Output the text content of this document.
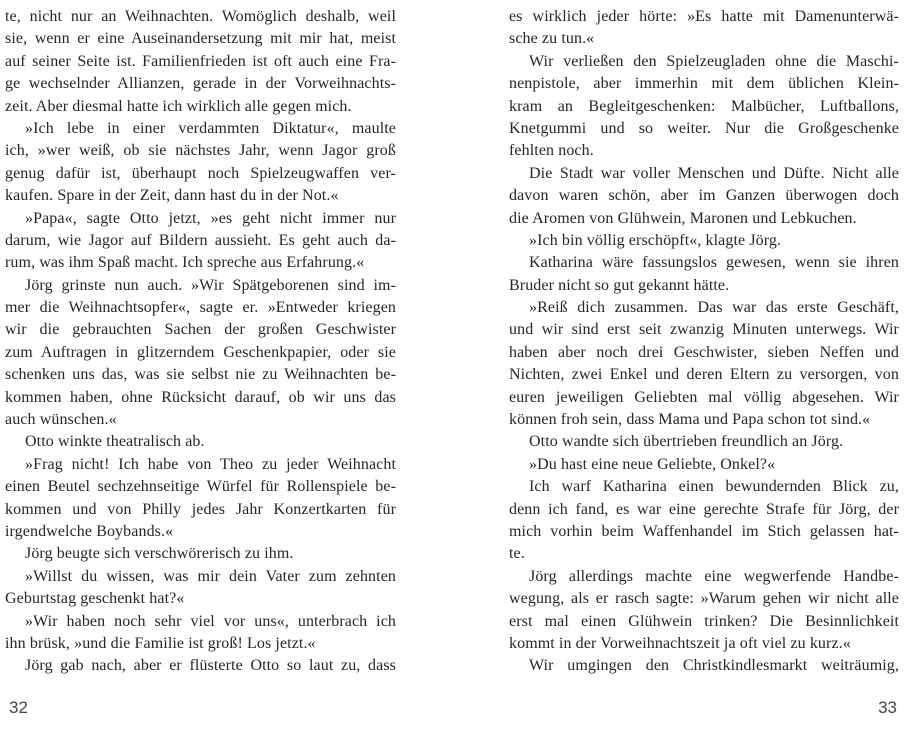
te, nicht nur an Weihnachten. Womöglich deshalb, weil
sie, wenn er eine Auseinandersetzung mit mir hat, meist
auf seiner Seite ist. Familienfrieden ist oft auch eine Fra-
ge wechselnder Allianzen, gerade in der Vorweihnachts-
zeit. Aber diesmal hatte ich wirklich alle gegen mich.
»Ich lebe in einer verdammten Diktatur«, maulte
ich, »wer weiß, ob sie nächstes Jahr, wenn Jagor groß
genug dafür ist, überhaupt noch Spielzeugwaffen ver-
kaufen. Spare in der Zeit, dann hast du in der Not.«
»Papa«, sagte Otto jetzt, »es geht nicht immer nur
darum, wie Jagor auf Bildern aussieht. Es geht auch da-
rum, was ihm Spaß macht. Ich spreche aus Erfahrung.«
Jörg grinste nun auch. »Wir Spätgeborenen sind im-
mer die Weihnachtsopfer«, sagte er. »Entweder kriegen
wir die gebrauchten Sachen der großen Geschwister
zum Auftragen in glitzerndem Geschenkpapier, oder sie
schenken uns das, was sie selbst nie zu Weihnachten be-
kommen haben, ohne Rücksicht darauf, ob wir uns das
auch wünschen.«
Otto winkte theatralisch ab.
»Frag nicht! Ich habe von Theo zu jeder Weihnacht
einen Beutel sechzehnseitige Würfel für Rollenspiele be-
kommen und von Philly jedes Jahr Konzertkarten für
irgendwelche Boybands.«
Jörg beugte sich verschwörerisch zu ihm.
»Willst du wissen, was mir dein Vater zum zehnten
Geburtstag geschenkt hat?«
»Wir haben noch sehr viel vor uns«, unterbrach ich
ihn brüsk, »und die Familie ist groß! Los jetzt.«
Jörg gab nach, aber er flüsterte Otto so laut zu, dass
32
es wirklich jeder hörte: »Es hatte mit Damenunterwä-
sche zu tun.«
Wir verließen den Spielzeugladen ohne die Maschi-
nenpistole, aber immerhin mit dem üblichen Klein-
kram an Begleitgeschenken: Malbücher, Luftballons,
Knetgummi und so weiter. Nur die Großgeschenke
fehlten noch.
Die Stadt war voller Menschen und Düfte. Nicht alle
davon waren schön, aber im Ganzen überwogen doch
die Aromen von Glühwein, Maronen und Lebkuchen.
»Ich bin völlig erschöpft«, klagte Jörg.
Katharina wäre fassungslos gewesen, wenn sie ihren
Bruder nicht so gut gekannt hätte.
»Reiß dich zusammen. Das war das erste Geschäft,
und wir sind erst seit zwanzig Minuten unterwegs. Wir
haben aber noch drei Geschwister, sieben Neffen und
Nichten, zwei Enkel und deren Eltern zu versorgen, von
euren jeweiligen Geliebten mal völlig abgesehen. Wir
können froh sein, dass Mama und Papa schon tot sind.«
Otto wandte sich übertrieben freundlich an Jörg.
»Du hast eine neue Geliebte, Onkel?«
Ich warf Katharina einen bewundernden Blick zu,
denn ich fand, es war eine gerechte Strafe für Jörg, der
mich vorhin beim Waffenhandel im Stich gelassen hat-
te.
Jörg allerdings machte eine wegwerfende Handbe-
wegung, als er rasch sagte: »Warum gehen wir nicht alle
erst mal einen Glühwein trinken? Die Besinnlichkeit
kommt in der Vorweihnachtszeit ja oft viel zu kurz.«
Wir umgingen den Christkindlesmarkt weiträumig,
33
